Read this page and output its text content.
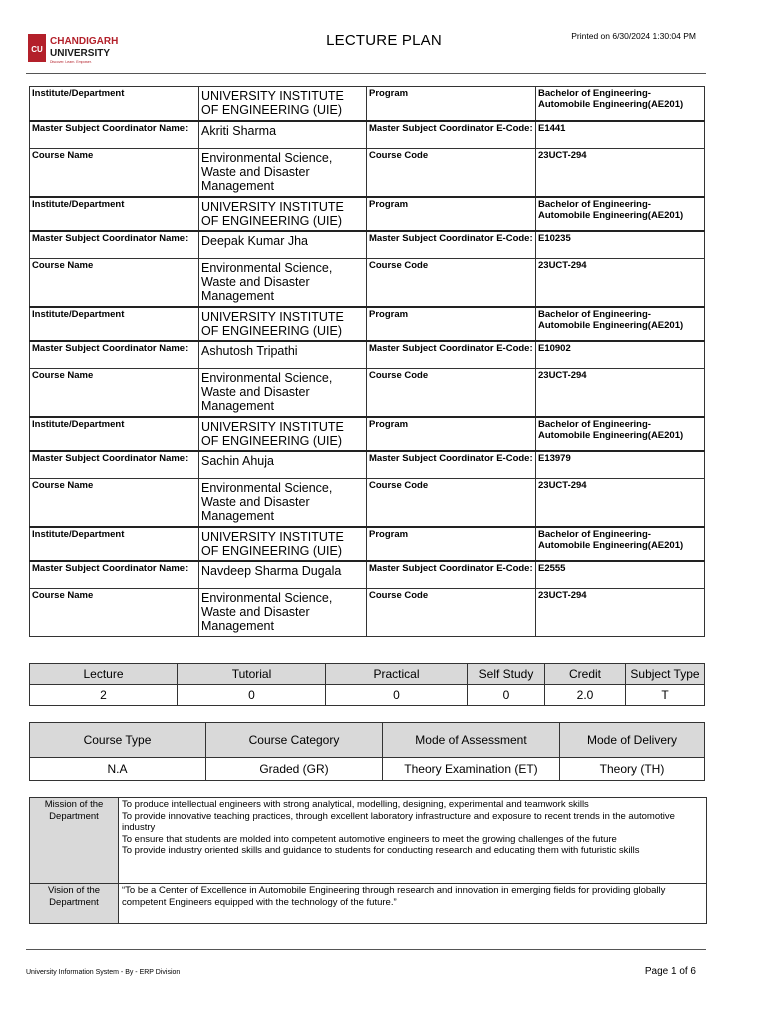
CU
CHANDIGARH
UNIVERSITY
Discover. Learn. Empower.
LECTURE PLAN	Printed on 6/30/2024 1:30:04 PM
Institute/Department	UNIVERSITY INSTITUTE OF ENGINEERING (UIE)	Program	Bachelor of Engineering-Automobile Engineering(AE201)
Master Subject Coordinator Name:	Akriti Sharma	Master Subject Coordinator E-Code:	E1441
Course Name	Environmental Science, Waste and Disaster Management	Course Code	23UCT-294
Institute/Department	UNIVERSITY INSTITUTE OF ENGINEERING (UIE)	Program	Bachelor of Engineering-Automobile Engineering(AE201)
Master Subject Coordinator Name:	Deepak Kumar Jha	Master Subject Coordinator E-Code:	E10235
Course Name	Environmental Science, Waste and Disaster Management	Course Code	23UCT-294
Institute/Department	UNIVERSITY INSTITUTE OF ENGINEERING (UIE)	Program	Bachelor of Engineering-Automobile Engineering(AE201)
Master Subject Coordinator Name:	Ashutosh Tripathi	Master Subject Coordinator E-Code:	E10902
Course Name	Environmental Science, Waste and Disaster Management	Course Code	23UCT-294
Institute/Department	UNIVERSITY INSTITUTE OF ENGINEERING (UIE)	Program	Bachelor of Engineering-Automobile Engineering(AE201)
Master Subject Coordinator Name:	Sachin Ahuja	Master Subject Coordinator E-Code:	E13979
Course Name	Environmental Science, Waste and Disaster Management	Course Code	23UCT-294
Institute/Department	UNIVERSITY INSTITUTE OF ENGINEERING (UIE)	Program	Bachelor of Engineering-Automobile Engineering(AE201)
Master Subject Coordinator Name:	Navdeep Sharma Dugala	Master Subject Coordinator E-Code:	E2555
Course Name	Environmental Science, Waste and Disaster Management	Course Code	23UCT-294
Lecture	Tutorial	Practical	Self Study	Credit	Subject Type
2	0	0	0	2.0	T
Course Type	Course Category	Mode of Assessment	Mode of Delivery
N.A	Graded (GR)	Theory Examination (ET)	Theory (TH)
Mission of the Department	To produce intellectual engineers with strong analytical, modelling, designing, experimental and teamwork skills
To provide innovative teaching practices, through excellent laboratory infrastructure and exposure to recent trends in the automotive industry
To ensure that students are molded into competent automotive engineers to meet the growing challenges of the future
To provide industry oriented skills and guidance to students for conducting research and educating them with futuristic skills

Vision of the Department	“To be a Center of Excellence in Automobile Engineering through research and innovation in emerging fields for providing globally competent Engineers equipped with the technology of the future.”
University Information System - By - ERP Division	Page 1 of 6
